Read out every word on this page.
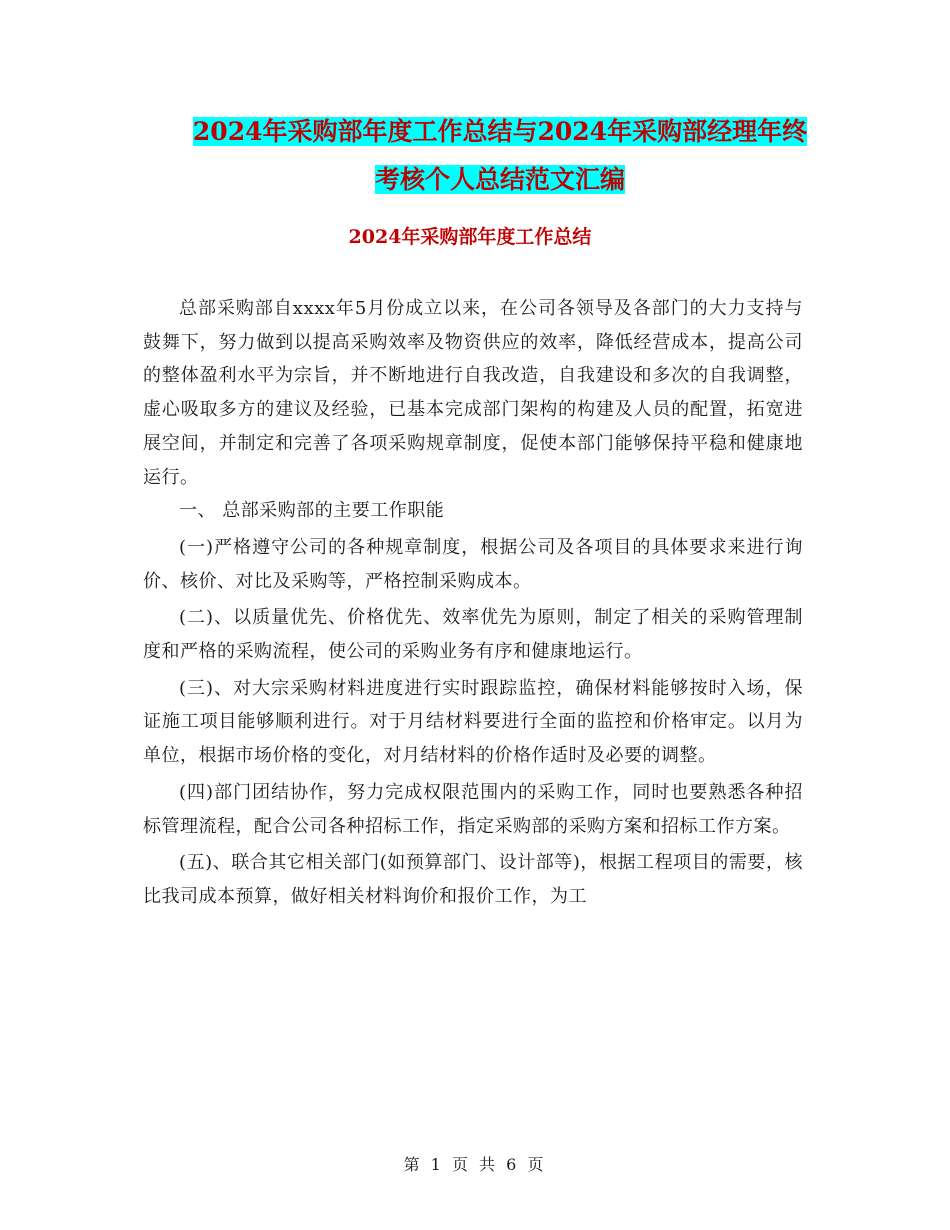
2024年采购部年度工作总结与2024年采购部经理年终
考核个人总结范文汇编
2024年采购部年度工作总结

总部采购部自xxxx年5月份成立以来，在公司各领导及各部门的大力支持与鼓舞下，努力做到以提高采购效率及物资供应的效率，降低经营成本，提高公司的整体盈利水平为宗旨，并不断地进行自我改造，自我建设和多次的自我调整，虚心吸取多方的建议及经验，已基本完成部门架构的构建及人员的配置，拓宽进展空间，并制定和完善了各项采购规章制度，促使本部门能够保持平稳和健康地运行。

一、 总部采购部的主要工作职能

(一)严格遵守公司的各种规章制度，根据公司及各项目的具体要求来进行询价、核价、对比及采购等，严格控制采购成本。

(二)、以质量优先、价格优先、效率优先为原则，制定了相关的采购管理制度和严格的采购流程，使公司的采购业务有序和健康地运行。

(三)、对大宗采购材料进度进行实时跟踪监控，确保材料能够按时入场，保证施工项目能够顺利进行。对于月结材料要进行全面的监控和价格审定。以月为单位，根据市场价格的变化，对月结材料的价格作适时及必要的调整。

(四)部门团结协作，努力完成权限范围内的采购工作，同时也要熟悉各种招标管理流程，配合公司各种招标工作，指定采购部的采购方案和招标工作方案。

(五)、联合其它相关部门(如预算部门、设计部等)，根据工程项目的需要，核比我司成本预算，做好相关材料询价和报价工作，为工

第 1 页 共 6 页
